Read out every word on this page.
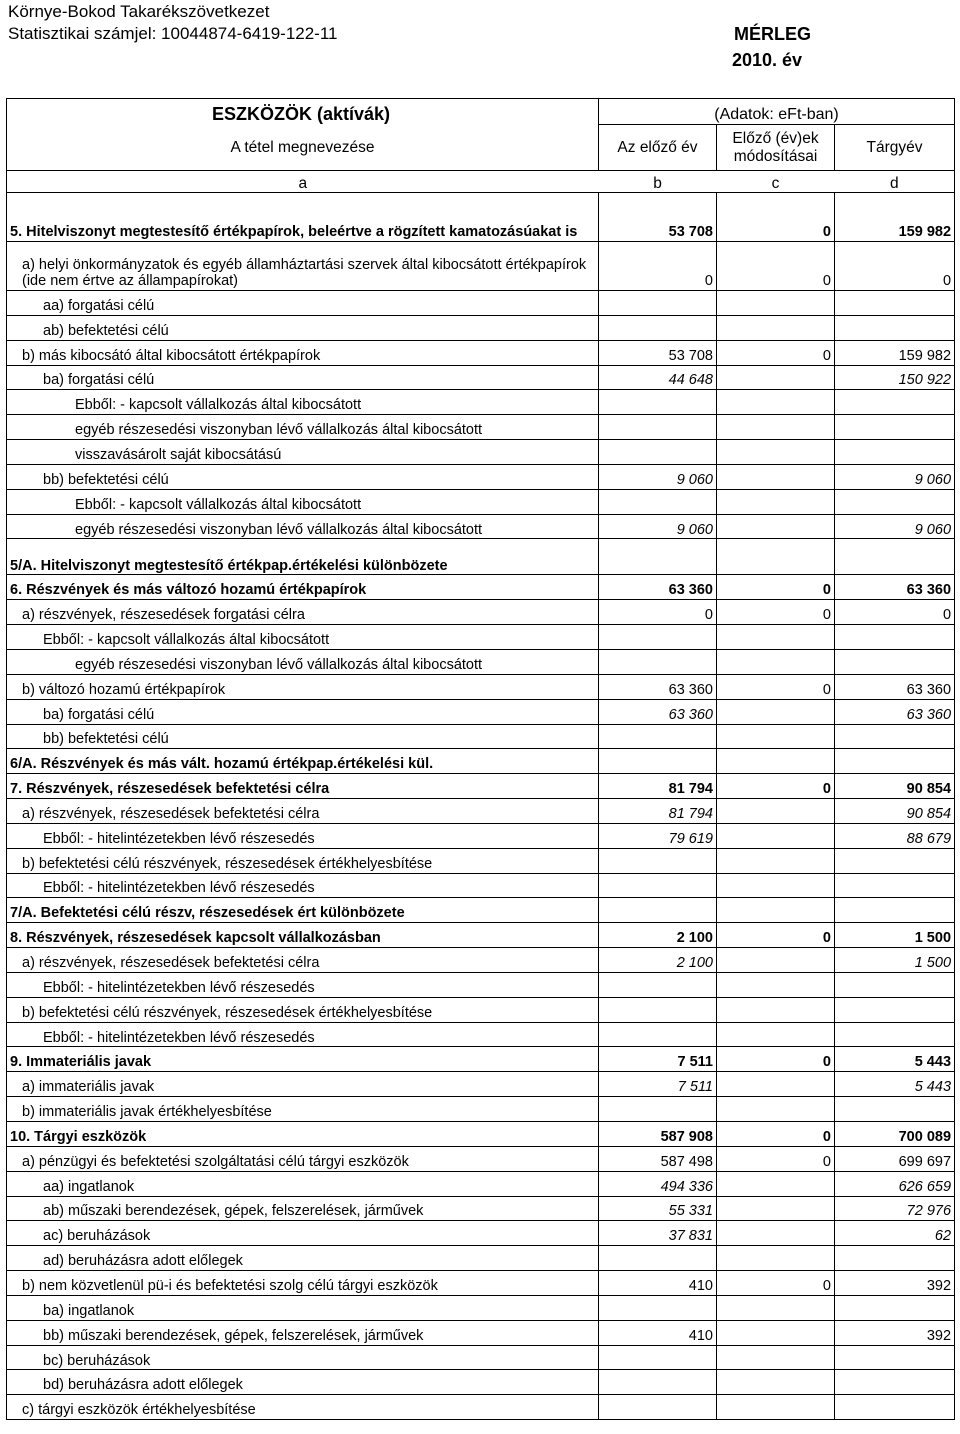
Környe-Bokod Takarékszövetkezet
Statisztikai számjel: 10044874-6419-122-11	MÉRLEG
2010. év
ESZKÖZÖK (aktívák)	(Adatok: eFt-ban)		
A tétel megnevezése	Az előző év	Előző (év)ek módosításai	Tárgyév
a	b	c	d
5. Hitelviszonyt megtestesítő értékpapírok, beleértve a rögzített kamatozásúakat is	53 708	0	159 982
a) helyi önkormányzatok és egyéb államháztartási szervek által kibocsátott értékpapírok (ide nem értve az állampapírokat)	0	0	0
aa) forgatási célú			
ab) befektetési célú			
b) más kibocsátó által kibocsátott értékpapírok	53 708	0	159 982
ba) forgatási célú	44 648		150 922
Ebből: - kapcsolt vállalkozás által kibocsátott			
egyéb részesedési viszonyban lévő vállalkozás által kibocsátott			
visszavásárolt saját kibocsátású			
bb) befektetési célú	9 060		9 060
Ebből: - kapcsolt vállalkozás által kibocsátott			
egyéb részesedési viszonyban lévő vállalkozás által kibocsátott	9 060		9 060
5/A. Hitelviszonyt megtestesítő értékpap.értékelési különbözete			
6. Részvények és más változó hozamú értékpapírok	63 360	0	63 360
a) részvények, részesedések forgatási célra	0	0	0
Ebből: - kapcsolt vállalkozás által kibocsátott			
egyéb részesedési viszonyban lévő vállalkozás által kibocsátott			
b) változó hozamú értékpapírok	63 360	0	63 360
ba) forgatási célú	63 360		63 360
bb) befektetési célú			
6/A. Részvények és más vált. hozamú értékpap.értékelési kül.			
7. Részvények, részesedések befektetési célra	81 794	0	90 854
a) részvények, részesedések befektetési célra	81 794		90 854
Ebből: - hitelintézetekben lévő részesedés	79 619		88 679
b) befektetési célú részvények, részesedések értékhelyesbítése			
Ebből: - hitelintézetekben lévő részesedés			
7/A. Befektetési célú részv, részesedések ért különbözete			
8. Részvények, részesedések kapcsolt vállalkozásban	2 100	0	1 500
a) részvények, részesedések befektetési célra	2 100		1 500
Ebből: - hitelintézetekben lévő részesedés			
b) befektetési célú részvények, részesedések értékhelyesbítése			
Ebből: - hitelintézetekben lévő részesedés			
9. Immateriális javak	7 511	0	5 443
a) immateriális javak	7 511		5 443
b) immateriális javak értékhelyesbítése			
10. Tárgyi eszközök	587 908	0	700 089
a) pénzügyi és befektetési szolgáltatási célú tárgyi eszközök	587 498	0	699 697
aa) ingatlanok	494 336		626 659
ab) műszaki berendezések, gépek, felszerelések, járművek	55 331		72 976
ac) beruházások	37 831		62
ad) beruházásra adott előlegek			
b) nem közvetlenül pü-i és befektetési szolg célú tárgyi eszközök	410	0	392
ba) ingatlanok			
bb) műszaki berendezések, gépek, felszerelések, járművek	410		392
bc) beruházások			
bd) beruházásra adott előlegek			
c) tárgyi eszközök értékhelyesbítése			
